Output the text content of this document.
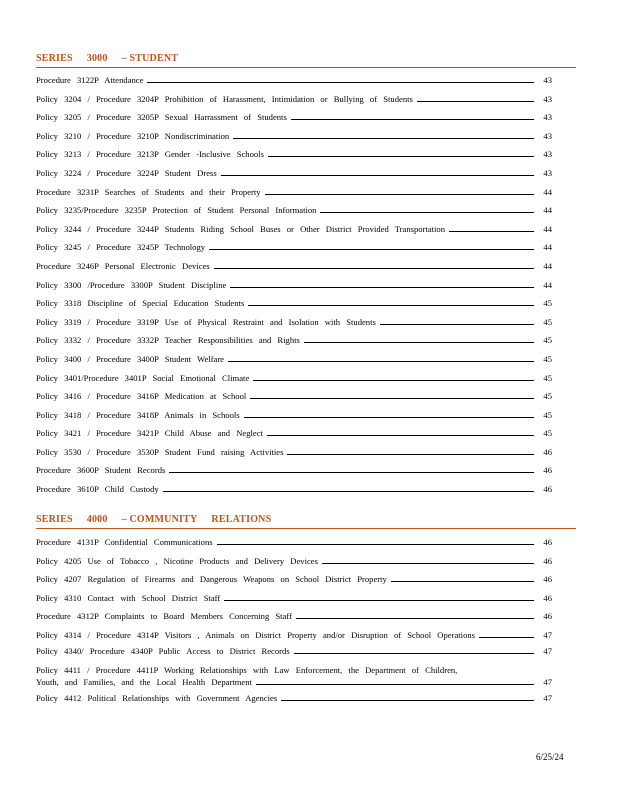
SERIES 3000 – STUDENT
Procedure 3122P Attendance	43
Policy 3204 / Procedure 3204P Prohibition of Harassment, Intimidation or Bullying of Students	43
Policy 3205 / Procedure 3205P Sexual Harrassment of Students	43
Policy 3210 / Procedure 3210P Nondiscrimination	43
Policy 3213 / Procedure 3213P Gender -Inclusive Schools	43
Policy 3224 / Procedure 3224P Student Dress	43
Procedure 3231P Searches of Students and their Property	44
Policy 3235/Procedure 3235P Protection of Student Personal Information	44
Policy 3244 / Procedure 3244P Students Riding School Buses or Other District Provided Transportation	44
Policy 3245 / Procedure 3245P Technology	44
Procedure 3246P Personal Electronic Devices	44
Policy 3300 /Procedure 3300P Student Discipline	44
Policy 3318 Discipline of Special Education Students	45
Policy 3319 / Procedure 3319P Use of Physical Restraint and Isolation with Students	45
Policy 3332 / Procedure 3332P Teacher Responsibilities and Rights	45
Policy 3400 / Procedure 3400P Student Welfare	45
Policy 3401/Procedure 3401P Social Emotional Climate	45
Policy 3416 / Procedure 3416P Medication at School	45
Policy 3418 / Procedure 3418P Animals in Schools	45
Policy 3421 / Procedure 3421P Child Abuse and Neglect	45
Policy 3530 / Procedure 3530P Student Fund raising Activities	46
Procedure 3600P Student Records	46
Procedure 3610P Child Custody	46
SERIES 4000 – COMMUNITY RELATIONS
Procedure 4131P Confidential Communications	46
Policy 4205 Use of Tobacco , Nicotine Products and Delivery Devices	46
Policy 4207 Regulation of Firearms and Dangerous Weapons on School District Property	46
Policy 4310 Contact with School District Staff	46
Procedure 4312P Complaints to Board Members Concerning Staff	46
Policy 4314 / Procedure 4314P Visitors , Animals on District Property and/or Disruption of School Operations	47
Policy 4340/ Procedure 4340P Public Access to District Records	47
Policy 4411 / Procedure 4411P Working Relationships with Law Enforcement, the Department of Children,
Youth, and Families, and the Local Health Department	47
Policy 4412 Political Relationships with Government Agencies	47
6/25/24
